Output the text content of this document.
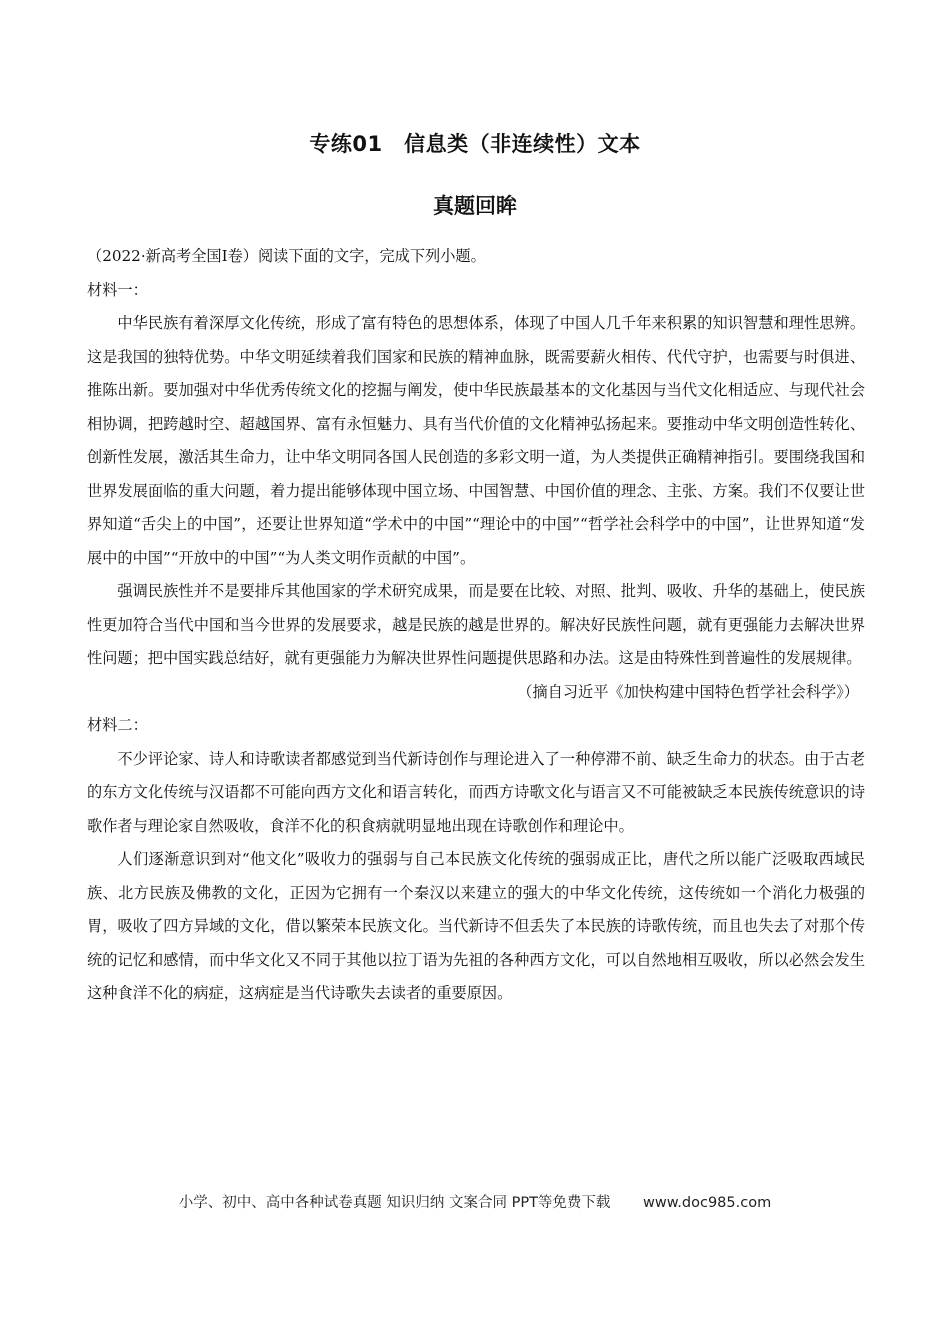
专练01　信息类（非连续性）文本
真题回眸

（2022·新高考全国Ⅰ卷）阅读下面的文字，完成下列小题。

材料一：

中华民族有着深厚文化传统，形成了富有特色的思想体系，体现了中国人几千年来积累的知识智慧和理性思辨。这是我国的独特优势。中华文明延续着我们国家和民族的精神血脉，既需要薪火相传、代代守护，也需要与时俱进、推陈出新。要加强对中华优秀传统文化的挖掘与阐发，使中华民族最基本的文化基因与当代文化相适应、与现代社会相协调，把跨越时空、超越国界、富有永恒魅力、具有当代价值的文化精神弘扬起来。要推动中华文明创造性转化、创新性发展，激活其生命力，让中华文明同各国人民创造的多彩文明一道，为人类提供正确精神指引。要围绕我国和世界发展面临的重大问题，着力提出能够体现中国立场、中国智慧、中国价值的理念、主张、方案。我们不仅要让世界知道“舌尖上的中国”，还要让世界知道“学术中的中国”“理论中的中国”“哲学社会科学中的中国”，让世界知道“发展中的中国”“开放中的中国”“为人类文明作贡献的中国”。

强调民族性并不是要排斥其他国家的学术研究成果，而是要在比较、对照、批判、吸收、升华的基础上，使民族性更加符合当代中国和当今世界的发展要求，越是民族的越是世界的。解决好民族性问题，就有更强能力去解决世界性问题；把中国实践总结好，就有更强能力为解决世界性问题提供思路和办法。这是由特殊性到普遍性的发展规律。

（摘自习近平《加快构建中国特色哲学社会科学》）

材料二：

不少评论家、诗人和诗歌读者都感觉到当代新诗创作与理论进入了一种停滞不前、缺乏生命力的状态。由于古老的东方文化传统与汉语都不可能向西方文化和语言转化，而西方诗歌文化与语言又不可能被缺乏本民族传统意识的诗歌作者与理论家自然吸收，食洋不化的积食病就明显地出现在诗歌创作和理论中。

人们逐渐意识到对“他文化”吸收力的强弱与自己本民族文化传统的强弱成正比，唐代之所以能广泛吸取西域民族、北方民族及佛教的文化，正因为它拥有一个秦汉以来建立的强大的中华文化传统，这传统如一个消化力极强的胃，吸收了四方异域的文化，借以繁荣本民族文化。当代新诗不但丢失了本民族的诗歌传统，而且也失去了对那个传统的记忆和感情，而中华文化又不同于其他以拉丁语为先祖的各种西方文化，可以自然地相互吸收，所以必然会发生这种食洋不化的病症，这病症是当代诗歌失去读者的重要原因。

小学、初中、高中各种试卷真题 知识归纳 文案合同 PPT等免费下载 www.doc985.com
